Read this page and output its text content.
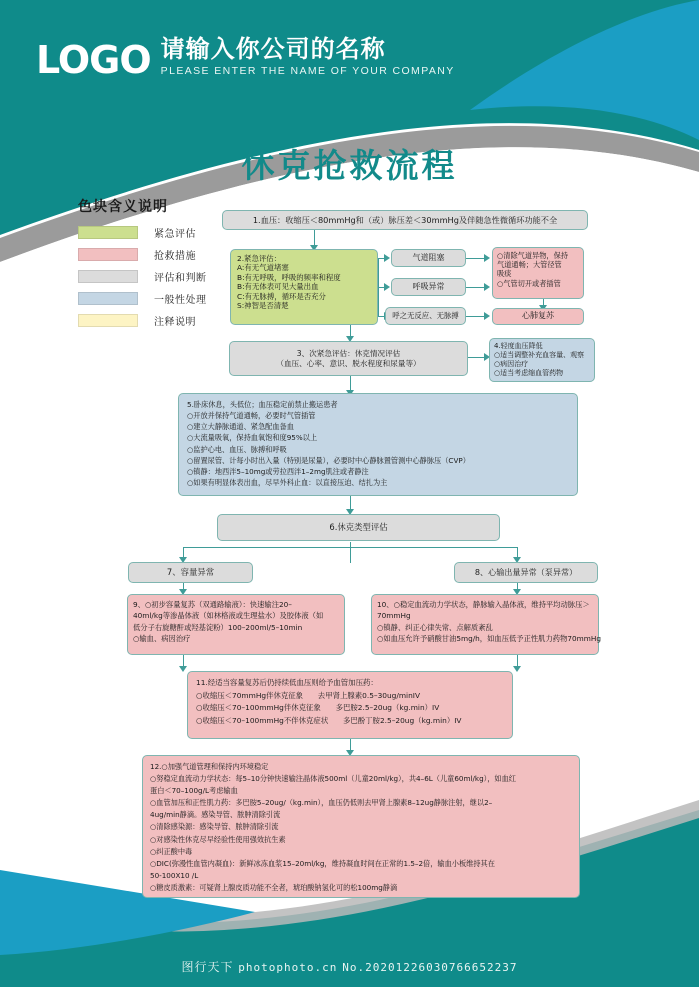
LOGO 请输入你公司的名称
PLEASE ENTER THE NAME OF YOUR COMPANY
休克抢救流程
色块含义说明
紧急评估
抢救措施
评估和判断
一般性处理
注释说明
1.血压：收缩压＜80mmHg和（或）脉压差＜30mmHg及伴随急性微循环功能不全
2.紧急评估：
A:有无气道堵塞
B:有无呼吸，呼吸的频率和程度
B:有无体表可见大量出血
C:有无脉搏，循环是否充分
S:神智是否清楚
气道阻塞
呼吸异常
呼之无反应、无脉搏
○清除气道异物，保持
气道通畅；大管径管
吸痰
○气管切开或者插管
心肺复苏
3、次紧急评估：休克情况评估
（血压、心率、意识、脱水程度和尿量等）
4.轻度血压降低
○适当调整补充血容量、观察
○病因治疗
○适当考虑缩血管药物
5.卧床休息，头低位；血压稳定前禁止搬运患者
○开放并保持气道通畅，必要时气管插管
○建立大静脉通道、紧急配血备血
○大流量吸氧，保持血氧饱和度95%以上
○监护心电、血压、脉搏和呼吸
○留置尿管、计每小时出入量（特别是尿量），必要时中心静脉置管测中心静脉压（CVP）
○镇静：地西泮5–10mg或劳拉西泮1–2mg肌注或者静注
○如果有明显体表出血，尽早外科止血：以直接压迫、结扎为主
6.休克类型评估
7、容量异常	8、心输出量异常（泵异常）
9、○初步容量复苏（双通路输液）：快速输注20–
40ml/kg等渗晶体液（如林格液或生理盐水）及胶体液（如
低分子右旋糖酐或羟基淀粉）100–200ml/5–10min
○输血、病因治疗
10、○稳定血流动力学状态，静脉输入晶体液，维持平均动脉压＞
70mmHg
○镇静、纠正心律失常、点解质紊乱
○如血压允许予硝酸甘油5mg/h，如血压低予正性肌力药物70mmHg
11.经适当容量复苏后仍持续低血压则给予血管加压药：
○收缩压＜70mmHg伴休克征象　　去甲肾上腺素0.5–30ug/minIV
○收缩压＜70–100mmHg伴休克征象　　多巴胺2.5–20ug（kg.min）IV
○收缩压＜70–100mmHg不伴休克症状　　多巴酚丁胺2.5–20ug（kg.min）IV
12.○加强气道管理和保持内环境稳定
○努稳定血流动力学状态：每5–10分钟快速输注晶体液500ml（儿童20ml/kg），共4–6L（儿童60ml/kg），如血红
蛋白＜70–100g/L考虑输血
○血管加压和正性肌力药：多巴胺5–20ug/（kg.min），血压仍低则去甲肾上腺素8–12ug静脉注射，继以2–
4ug/min静滴。感染导管、脓肿清除引流
○清除感染源：感染导管、脓肿清除引流
○对感染性休克尽早经验性使用强效抗生素
○纠正酸中毒
○DIC(弥漫性血管内凝血)：新鲜冰冻血浆15–20ml/kg，维持凝血时间在正常的1.5–2倍，输血小板维持其在
50-100X10 /L
○糖皮质激素：可疑肾上腺皮质功能不全者，琥珀酸钠氢化可的松100mg静滴
图行天下 photophoto.cn No.20201226030766652237
